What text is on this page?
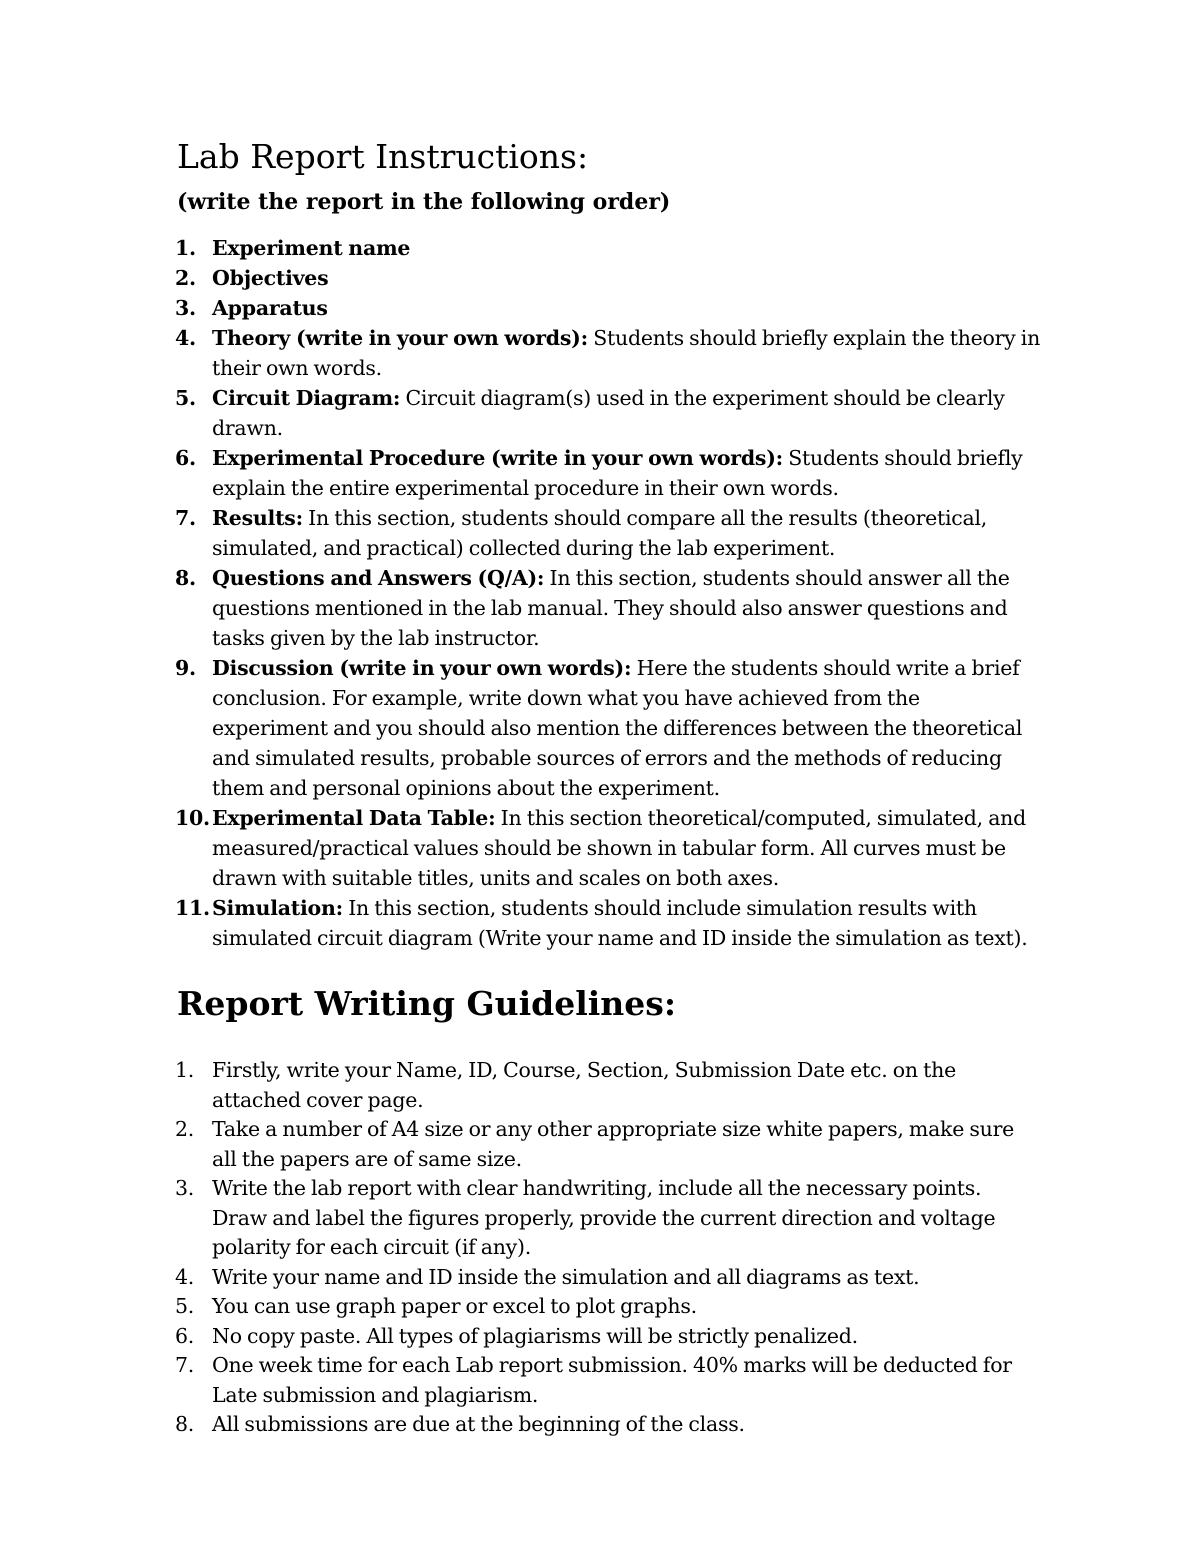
Lab Report Instructions:
(write the report in the following order)
1. Experiment name
2. Objectives
3. Apparatus
4. Theory (write in your own words): Students should briefly explain the theory in
their own words.
5. Circuit Diagram: Circuit diagram(s) used in the experiment should be clearly
drawn.
6. Experimental Procedure (write in your own words): Students should briefly
explain the entire experimental procedure in their own words.
7. Results: In this section, students should compare all the results (theoretical,
simulated, and practical) collected during the lab experiment.
8. Questions and Answers (Q/A): In this section, students should answer all the
questions mentioned in the lab manual. They should also answer questions and
tasks given by the lab instructor.
9. Discussion (write in your own words): Here the students should write a brief
conclusion. For example, write down what you have achieved from the
experiment and you should also mention the differences between the theoretical
and simulated results, probable sources of errors and the methods of reducing
them and personal opinions about the experiment.
10. Experimental Data Table: In this section theoretical/computed, simulated, and
measured/practical values should be shown in tabular form. All curves must be
drawn with suitable titles, units and scales on both axes.
11. Simulation: In this section, students should include simulation results with
simulated circuit diagram (Write your name and ID inside the simulation as text).
Report Writing Guidelines:
1. Firstly, write your Name, ID, Course, Section, Submission Date etc. on the
attached cover page.
2. Take a number of A4 size or any other appropriate size white papers, make sure
all the papers are of same size.
3. Write the lab report with clear handwriting, include all the necessary points.
Draw and label the figures properly, provide the current direction and voltage
polarity for each circuit (if any).
4. Write your name and ID inside the simulation and all diagrams as text.
5. You can use graph paper or excel to plot graphs.
6. No copy paste. All types of plagiarisms will be strictly penalized.
7. One week time for each Lab report submission. 40% marks will be deducted for
Late submission and plagiarism.
8. All submissions are due at the beginning of the class.
